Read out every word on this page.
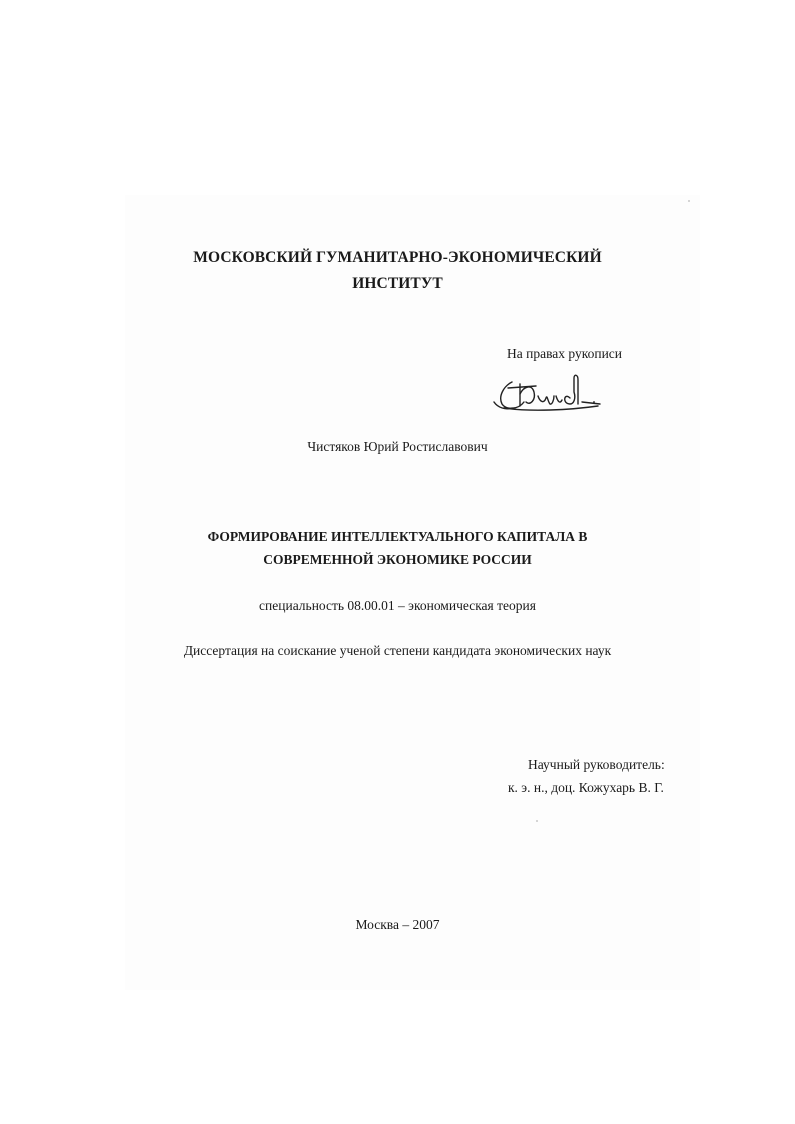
МОСКОВСКИЙ ГУМАНИТАРНО-ЭКОНОМИЧЕСКИЙ
ИНСТИТУТ
На правах рукописи
Чистяков Юрий Ростиславович
ФОРМИРОВАНИЕ ИНТЕЛЛЕКТУАЛЬНОГО КАПИТАЛА В
СОВРЕМЕННОЙ ЭКОНОМИКЕ РОССИИ
специальность 08.00.01 – экономическая теория
Диссертация на соискание ученой степени кандидата экономических наук
Научный руководитель:
к. э. н., доц. Кожухарь В. Г.
Москва – 2007
